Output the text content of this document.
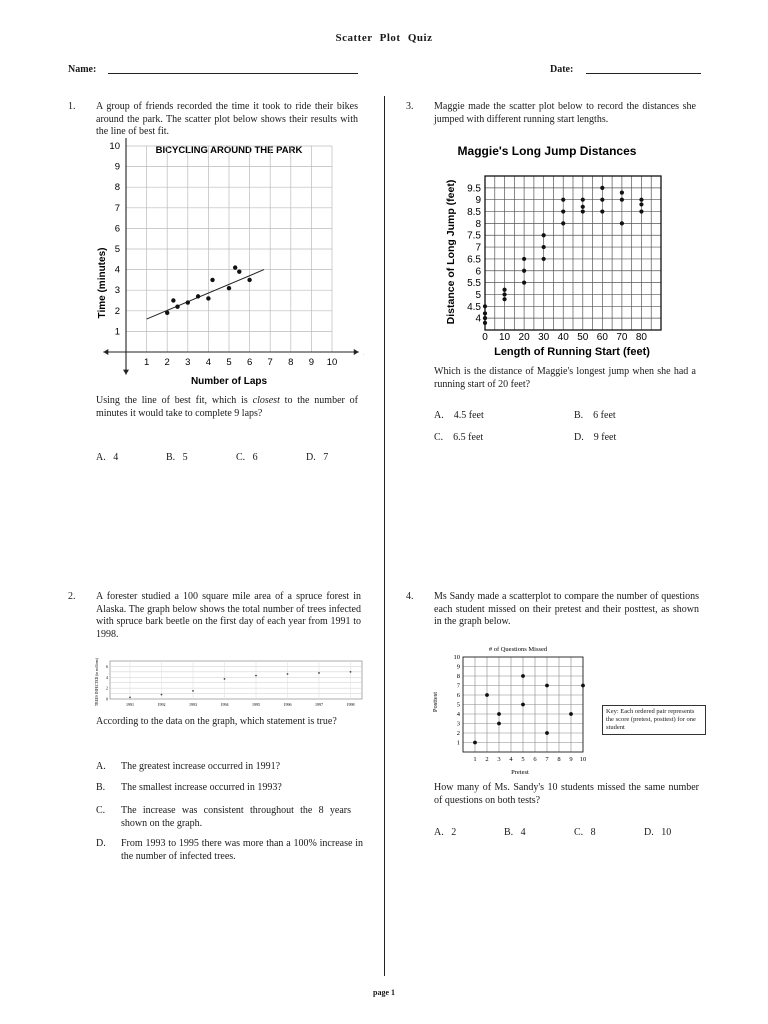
Scatter Plot Quiz
Name:	Date:
1. A group of friends recorded the time it took to ride their bikes around the park. The scatter plot below shows their results with the line of best fit.
BICYCLING AROUND THE PARK
1 2 3 4 5 6 7 8 9 10
1
2
3
4
5
6
7
8
9
10
Number of Laps
Time (minutes)
Using the line of best fit, which is closest to the number of minutes it would take to complete 9 laps?
A. 4	B. 5	C. 6	D. 7
2. A forester studied a 100 square mile area of a spruce forest in Alaska. The graph below shows the total number of trees infected with spruce bark beetle on the first day of each year from 1991 to 1998.
1991	1992	1993	1994	1995	1996	1997	1998
0
2
4
6
TREES INFECTED (in millions)
According to the data on the graph, which statement is true?
A. The greatest increase occurred in 1991?
B. The smallest increase occurred in 1993?
C. The increase was consistent throughout the 8 years shown on the graph.
D. From 1993 to 1995 there was more than a 100% increase in the number of infected trees.
3. Maggie made the scatter plot below to record the distances she jumped with different running start lengths.
Maggie's Long Jump Distances
0 10 20 30 40 50 60 70 80
4
4.5
5
5.5
6
6.5
7
7.5
8
8.5
9
9.5
Length of Running Start (feet)
Distance of Long Jump (feet)
Which is the distance of Maggie's longest jump when she had a running start of 20 feet?
A. 4.5 feet	B. 6 feet
C. 6.5 feet	D. 9 feet
4. Ms Sandy made a scatterplot to compare the number of questions each student missed on their pretest and their posttest, as shown in the graph below.
# of Questions Missed
1 2 3 4 5 6 7 8 9 10
1
2
3
4
5
6
7
8
9
10
Pretest
Posttest	Key: Each ordered pair represents the score (pretest, posttest) for one student
How many of Ms. Sandy's 10 students missed the same number of questions on both tests?
A. 2	B. 4	C. 8	D. 10
page 1
